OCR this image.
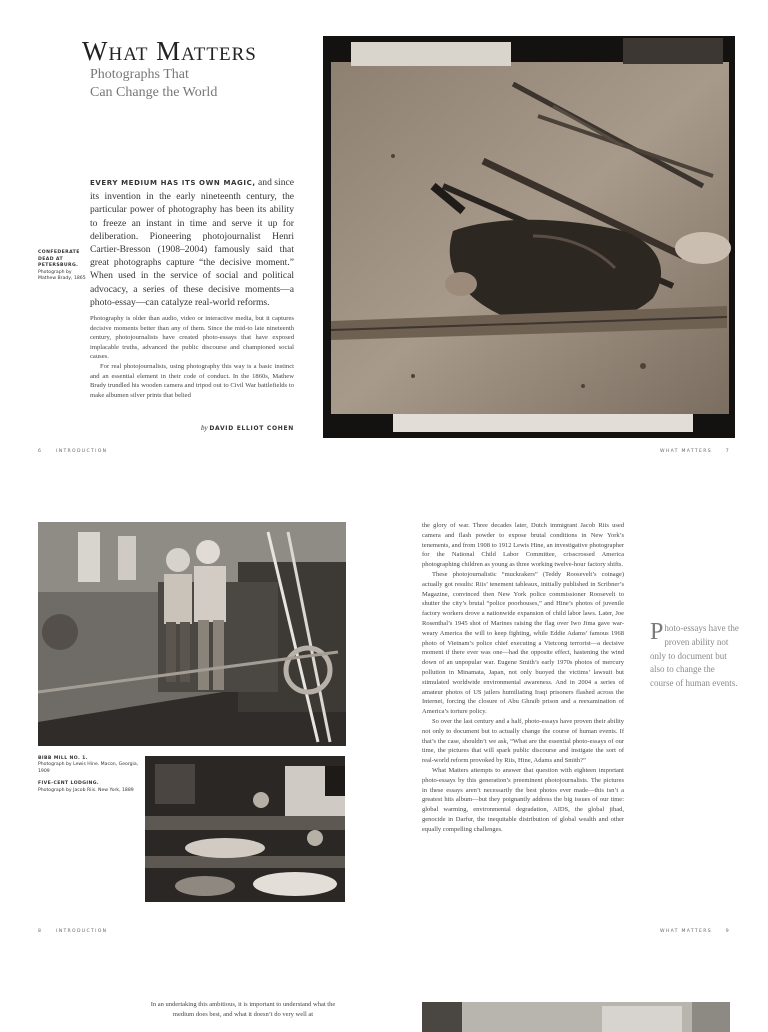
What Matters
Photographs That
Can Change the World
EVERY MEDIUM HAS ITS OWN MAGIC, and since its invention in the early nineteenth century, the particular power of photography has been its ability to freeze an instant in time and serve it up for deliberation. Pioneering photojournalist Henri Cartier-Bresson (1908–2004) famously said that great photographs capture “the decisive moment.” When used in the service of social and political advocacy, a series of these decisive moments—a photo-essay—can catalyze real-world reforms.

Photography is older than audio, video or interactive media, but it captures decisive moments better than any of them. Since the mid-to late nineteenth century, photojournalists have created photo-essays that have exposed implacable truths, advanced the public discourse and championed social causes.

For real photojournalists, using photography this way is a basic instinct and an essential element in their code of conduct. In the 1860s, Mathew Brady trundled his wooden camera and tripod out to Civil War battlefields to make albumen silver prints that belied

by DAVID ELLIOT COHEN
CONFEDERATE DEAD AT PETERSBURG.
Photograph by Mathew Brady, 1865
6	INTRODUCTION	WHAT MATTERS	7
BIBB MILL NO. 1.
Photograph by Lewis Hine. Macon, Georgia, 1909
FIVE-CENT LODGING.
Photograph by Jacob Riis. New York, 1889

the glory of war. Three decades later, Dutch immigrant Jacob Riis used camera and flash powder to expose brutal conditions in New York’s tenements, and from 1908 to 1912 Lewis Hine, an investigative photographer for the National Child Labor Committee, crisscrossed America photographing children as young as three working twelve-hour factory shifts.

These photojournalistic “muckrakers” (Teddy Roosevelt’s coinage) actually got results: Riis’ tenement tableaux, initially published in Scribner’s Magazine, convinced then New York police commissioner Roosevelt to shutter the city’s brutal “police poorhouses,” and Hine’s photos of juvenile factory workers drove a nationwide expansion of child labor laws. Later, Joe Rosenthal’s 1945 shot of Marines raising the flag over Iwo Jima gave war-weary America the will to keep fighting, while Eddie Adams’ famous 1968 photo of Vietnam’s police chief executing a Vietcong terrorist—a decisive moment if there ever was one—had the opposite effect, hastening the wind down of an unpopular war. Eugene Smith’s early 1970s photos of mercury pollution in Minamata, Japan, not only buoyed the victims’ lawsuit but stimulated worldwide environmental awareness. And in 2004 a series of amateur photos of US jailers humiliating Iraqi prisoners flashed across the Internet, forcing the closure of Abu Ghraib prison and a reexamination of America’s torture policy.

So over the last century and a half, photo-essays have proven their ability not only to document but to actually change the course of human events. If that’s the case, shouldn’t we ask, “What are the essential photo-essays of our time, the pictures that will spark public discourse and instigate the sort of real-world reform provoked by Riis, Hine, Adams and Smith?”

What Matters attempts to answer that question with eighteen important photo-essays by this generation’s preeminent photojournalists. The pictures in these essays aren’t necessarily the best photos ever made—this isn’t a greatest hits album—but they poignantly address the big issues of our time: global warming, environmental degradation, AIDS, the global jihad, genocide in Darfur, the inequitable distribution of global wealth and other equally compelling challenges.

P hoto-essays have the proven ability not only to document but also to change the course of human events.
8	INTRODUCTION	WHAT MATTERS	9

In an undertaking this ambitious, it is important to understand what the medium does best, and what it doesn’t do very well at
